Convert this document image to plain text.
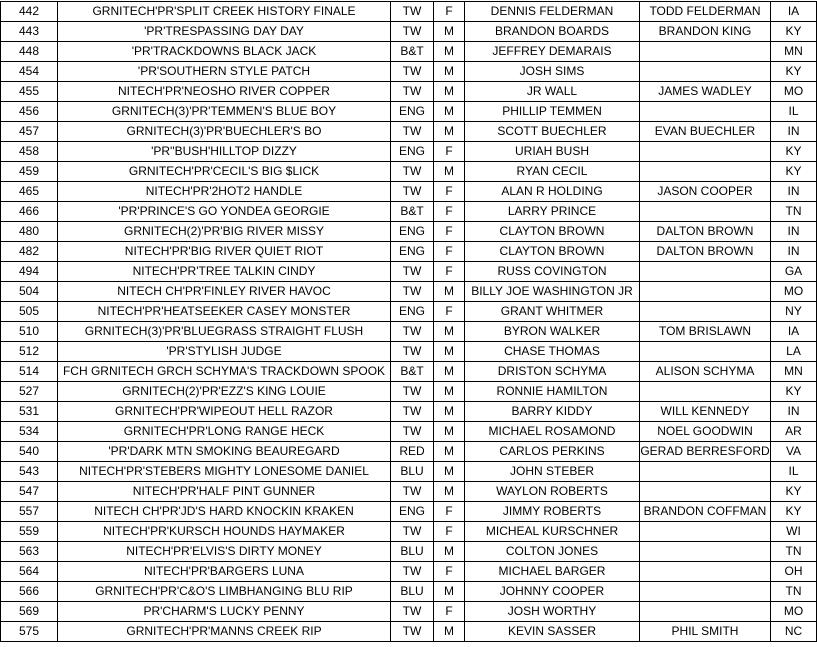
442	GRNITECH'PR'SPLIT CREEK HISTORY FINALE	TW	F	DENNIS FELDERMAN	TODD FELDERMAN	IA
443	'PR'TRESPASSING DAY DAY	TW	M	BRANDON BOARDS	BRANDON KING	KY
448	'PR'TRACKDOWNS BLACK JACK	B&T	M	JEFFREY DEMARAIS		MN
454	'PR'SOUTHERN STYLE PATCH	TW	M	JOSH SIMS		KY
455	NITECH'PR'NEOSHO RIVER COPPER	TW	M	JR WALL	JAMES WADLEY	MO
456	GRNITECH(3)'PR'TEMMEN'S BLUE BOY	ENG	M	PHILLIP TEMMEN		IL
457	GRNITECH(3)'PR'BUECHLER'S BO	TW	M	SCOTT BUECHLER	EVAN BUECHLER	IN
458	'PR''BUSH'HILLTOP DIZZY	ENG	F	URIAH BUSH		KY
459	GRNITECH'PR'CECIL'S BIG $LICK	TW	M	RYAN CECIL		KY
465	NITECH'PR'2HOT2 HANDLE	TW	F	ALAN R HOLDING	JASON COOPER	IN
466	'PR'PRINCE'S GO YONDEA GEORGIE	B&T	F	LARRY PRINCE		TN
480	GRNITECH(2)'PR'BIG RIVER MISSY	ENG	F	CLAYTON BROWN	DALTON BROWN	IN
482	NITECH'PR'BIG RIVER QUIET RIOT	ENG	F	CLAYTON BROWN	DALTON BROWN	IN
494	NITECH'PR'TREE TALKIN CINDY	TW	F	RUSS COVINGTON		GA
504	NITECH CH'PR'FINLEY RIVER HAVOC	TW	M	BILLY JOE WASHINGTON JR		MO
505	NITECH'PR'HEATSEEKER CASEY MONSTER	ENG	F	GRANT WHITMER		NY
510	GRNITECH(3)'PR'BLUEGRASS STRAIGHT FLUSH	TW	M	BYRON WALKER	TOM BRISLAWN	IA
512	'PR'STYLISH JUDGE	TW	M	CHASE THOMAS		LA
514	FCH GRNITECH GRCH SCHYMA'S TRACKDOWN SPOOK	B&T	M	DRISTON SCHYMA	ALISON SCHYMA	MN
527	GRNITECH(2)'PR'EZZ'S KING LOUIE	TW	M	RONNIE HAMILTON		KY
531	GRNITECH'PR'WIPEOUT HELL RAZOR	TW	M	BARRY KIDDY	WILL KENNEDY	IN
534	GRNITECH'PR'LONG RANGE HECK	TW	M	MICHAEL ROSAMOND	NOEL GOODWIN	AR
540	'PR'DARK MTN SMOKING BEAUREGARD	RED	M	CARLOS PERKINS	GERAD BERRESFORD	VA
543	NITECH'PR'STEBERS MIGHTY LONESOME DANIEL	BLU	M	JOHN STEBER		IL
547	NITECH'PR'HALF PINT GUNNER	TW	M	WAYLON ROBERTS		KY
557	NITECH CH'PR'JD'S HARD KNOCKIN KRAKEN	ENG	F	JIMMY ROBERTS	BRANDON COFFMAN	KY
559	NITECH'PR'KURSCH HOUNDS HAYMAKER	TW	F	MICHEAL KURSCHNER		WI
563	NITECH'PR'ELVIS'S DIRTY MONEY	BLU	M	COLTON JONES		TN
564	NITECH'PR'BARGERS LUNA	TW	F	MICHAEL BARGER		OH
566	GRNITECH'PR'C&O'S LIMBHANGING BLU RIP	BLU	M	JOHNNY COOPER		TN
569	PR'CHARM'S LUCKY PENNY	TW	F	JOSH WORTHY		MO
575	GRNITECH'PR'MANNS CREEK RIP	TW	M	KEVIN SASSER	PHIL SMITH	NC
